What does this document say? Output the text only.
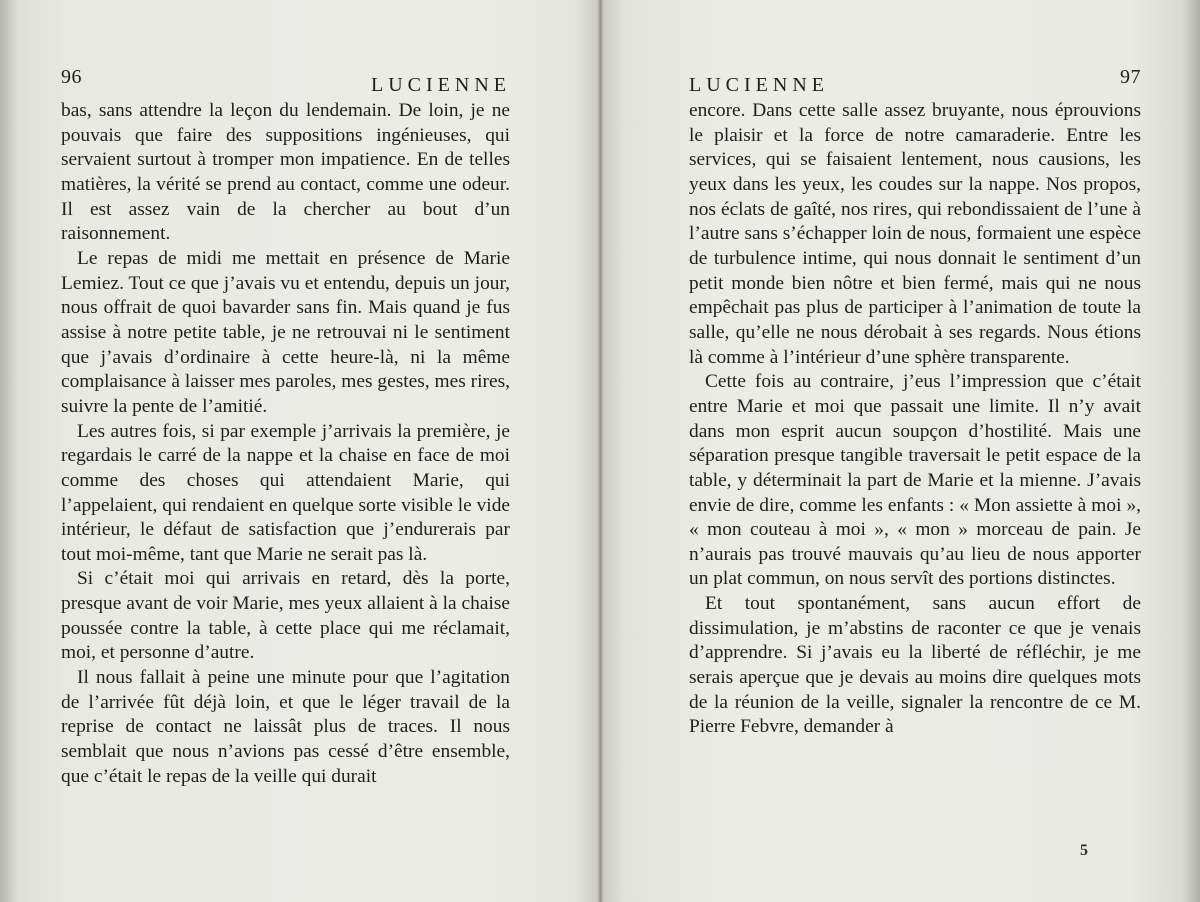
96	LUCIENNE

bas, sans attendre la leçon du lendemain. De loin, je ne pouvais que faire des suppositions ingénieuses, qui servaient surtout à tromper mon impatience. En de telles matières, la vérité se prend au contact, comme une odeur. Il est assez vain de la chercher au bout d’un raisonnement.

Le repas de midi me mettait en présence de Marie Lemiez. Tout ce que j’avais vu et entendu, depuis un jour, nous offrait de quoi bavarder sans fin. Mais quand je fus assise à notre petite table, je ne retrouvai ni le sentiment que j’avais d’ordinaire à cette heure-là, ni la même complaisance à laisser mes paroles, mes gestes, mes rires, suivre la pente de l’amitié.

Les autres fois, si par exemple j’arrivais la première, je regardais le carré de la nappe et la chaise en face de moi comme des choses qui attendaient Marie, qui l’appelaient, qui rendaient en quelque sorte visible le vide intérieur, le défaut de satisfaction que j’endurerais par tout moi-même, tant que Marie ne serait pas là.

Si c’était moi qui arrivais en retard, dès la porte, presque avant de voir Marie, mes yeux allaient à la chaise poussée contre la table, à cette place qui me réclamait, moi, et personne d’autre.

Il nous fallait à peine une minute pour que l’agitation de l’arrivée fût déjà loin, et que le léger travail de la reprise de contact ne laissât plus de traces. Il nous semblait que nous n’avions pas cessé d’être ensemble, que c’était le repas de la veille qui durait

LUCIENNE	97

encore. Dans cette salle assez bruyante, nous éprouvions le plaisir et la force de notre camaraderie. Entre les services, qui se faisaient lentement, nous causions, les yeux dans les yeux, les coudes sur la nappe. Nos propos, nos éclats de gaîté, nos rires, qui rebondissaient de l’une à l’autre sans s’échapper loin de nous, formaient une espèce de turbulence intime, qui nous donnait le sentiment d’un petit monde bien nôtre et bien fermé, mais qui ne nous empêchait pas plus de participer à l’animation de toute la salle, qu’elle ne nous dérobait à ses regards. Nous étions là comme à l’intérieur d’une sphère transparente.

Cette fois au contraire, j’eus l’impression que c’était entre Marie et moi que passait une limite. Il n’y avait dans mon esprit aucun soupçon d’hostilité. Mais une séparation presque tangible traversait le petit espace de la table, y déterminait la part de Marie et la mienne. J’avais envie de dire, comme les enfants : « Mon assiette à moi », « mon couteau à moi », « mon » morceau de pain. Je n’aurais pas trouvé mauvais qu’au lieu de nous apporter un plat commun, on nous servît des portions distinctes.

Et tout spontanément, sans aucun effort de dissimulation, je m’abstins de raconter ce que je venais d’apprendre. Si j’avais eu la liberté de réfléchir, je me serais aperçue que je devais au moins dire quelques mots de la réunion de la veille, signaler la rencontre de ce M. Pierre Febvre, demander à

5
